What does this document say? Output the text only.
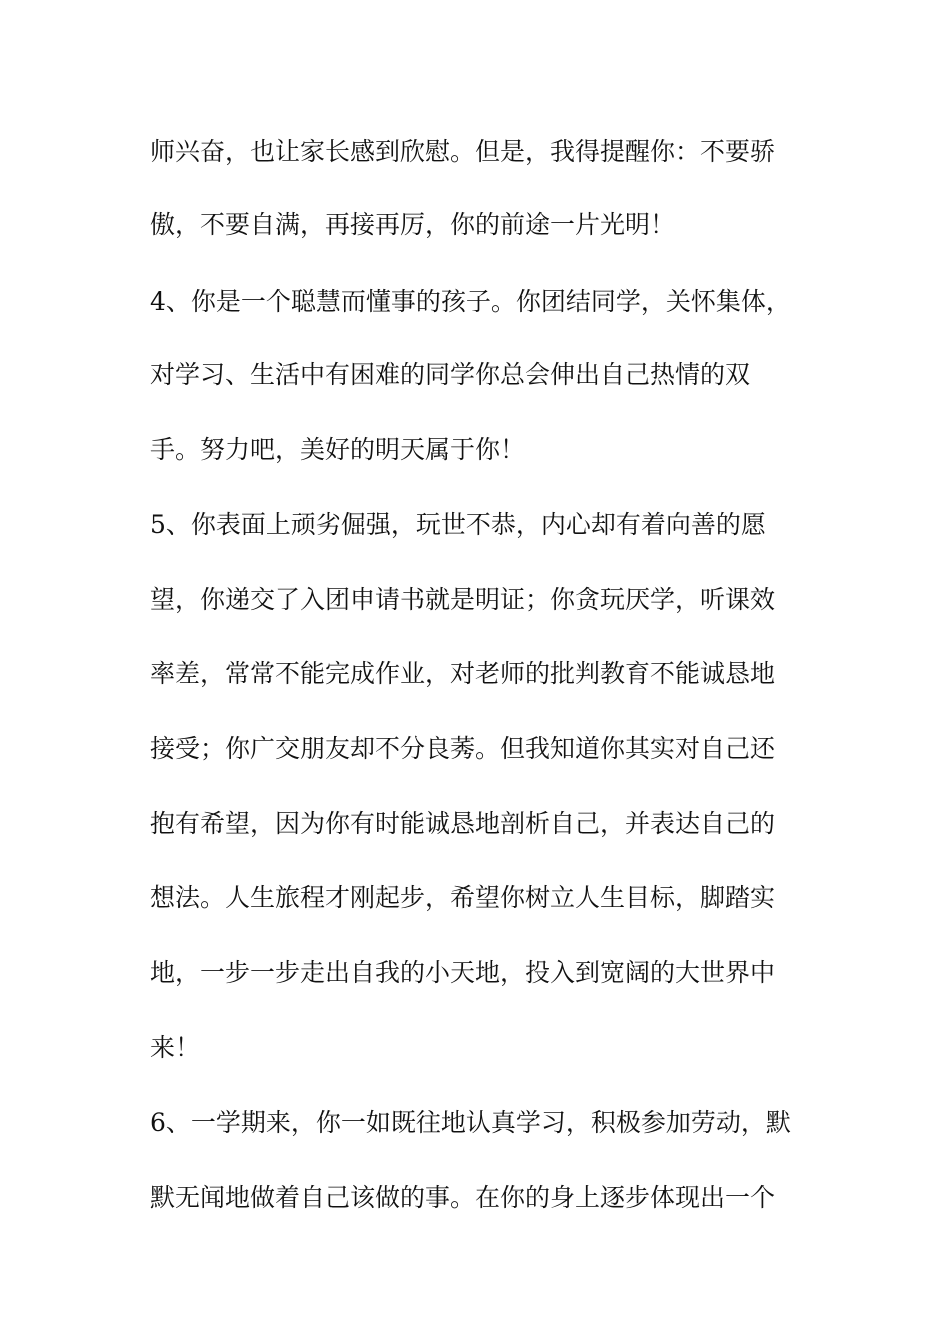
师兴奋，也让家长感到欣慰。但是，我得提醒你：不要骄
傲，不要自满，再接再厉，你的前途一片光明！
4、你是一个聪慧而懂事的孩子。你团结同学，关怀集体，
对学习、生活中有困难的同学你总会伸出自己热情的双
手。努力吧，美好的明天属于你！
5、你表面上顽劣倔强，玩世不恭，内心却有着向善的愿
望，你递交了入团申请书就是明证；你贪玩厌学，听课效
率差，常常不能完成作业，对老师的批判教育不能诚恳地
接受；你广交朋友却不分良莠。但我知道你其实对自己还
抱有希望，因为你有时能诚恳地剖析自己，并表达自己的
想法。人生旅程才刚起步，希望你树立人生目标，脚踏实
地，一步一步走出自我的小天地，投入到宽阔的大世界中
来！
6、一学期来，你一如既往地认真学习，积极参加劳动，默
默无闻地做着自己该做的事。在你的身上逐步体现出一个
